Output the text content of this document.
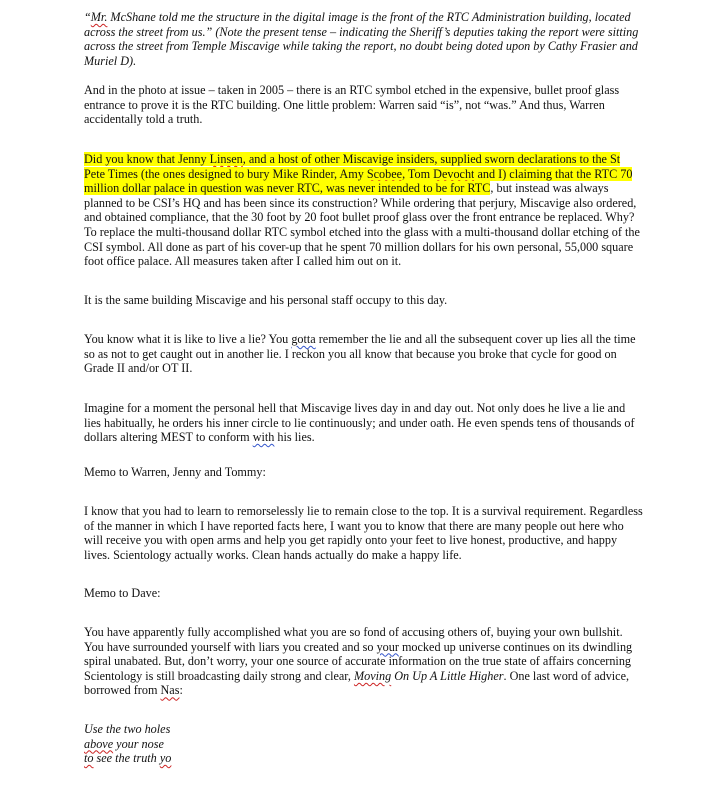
“Mr. McShane told me the structure in the digital image is the front of the RTC Administration building, located across the street from us.” (Note the present tense – indicating the Sheriff’s deputies taking the report were sitting across the street from Temple Miscavige while taking the report, no doubt being doted upon by Cathy Frasier and Muriel D).

And in the photo at issue – taken in 2005 – there is an RTC symbol etched in the expensive, bullet proof glass entrance to prove it is the RTC building. One little problem: Warren said “is”, not “was.” And thus, Warren accidentally told a truth.

Did you know that Jenny Linsen, and a host of other Miscavige insiders, supplied sworn declarations to the St Pete Times (the ones designed to bury Mike Rinder, Amy Scobee, Tom Devocht and I) claiming that the RTC 70 million dollar palace in question was never RTC, was never intended to be for RTC, but instead was always planned to be CSI’s HQ and has been since its construction? While ordering that perjury, Miscavige also ordered, and obtained compliance, that the 30 foot by 20 foot bullet proof glass over the front entrance be replaced. Why? To replace the multi-thousand dollar RTC symbol etched into the glass with a multi-thousand dollar etching of the CSI symbol. All done as part of his cover-up that he spent 70 million dollars for his own personal, 55,000 square foot office palace. All measures taken after I called him out on it.

It is the same building Miscavige and his personal staff occupy to this day.

You know what it is like to live a lie? You gotta remember the lie and all the subsequent cover up lies all the time so as not to get caught out in another lie. I reckon you all know that because you broke that cycle for good on Grade II and/or OT II.

Imagine for a moment the personal hell that Miscavige lives day in and day out. Not only does he live a lie and lies habitually, he orders his inner circle to lie continuously; and under oath. He even spends tens of thousands of dollars altering MEST to conform with his lies.

Memo to Warren, Jenny and Tommy:

I know that you had to learn to remorselessly lie to remain close to the top. It is a survival requirement. Regardless of the manner in which I have reported facts here, I want you to know that there are many people out here who will receive you with open arms and help you get rapidly onto your feet to live honest, productive, and happy lives. Scientology actually works. Clean hands actually do make a happy life.

Memo to Dave:

You have apparently fully accomplished what you are so fond of accusing others of, buying your own bullshit. You have surrounded yourself with liars you created and so your mocked up universe continues on its dwindling spiral unabated. But, don’t worry, your one source of accurate information on the true state of affairs concerning Scientology is still broadcasting daily strong and clear, Moving On Up A Little Higher. One last word of advice, borrowed from Nas:

Use the two holes
above your nose
to see the truth yo
